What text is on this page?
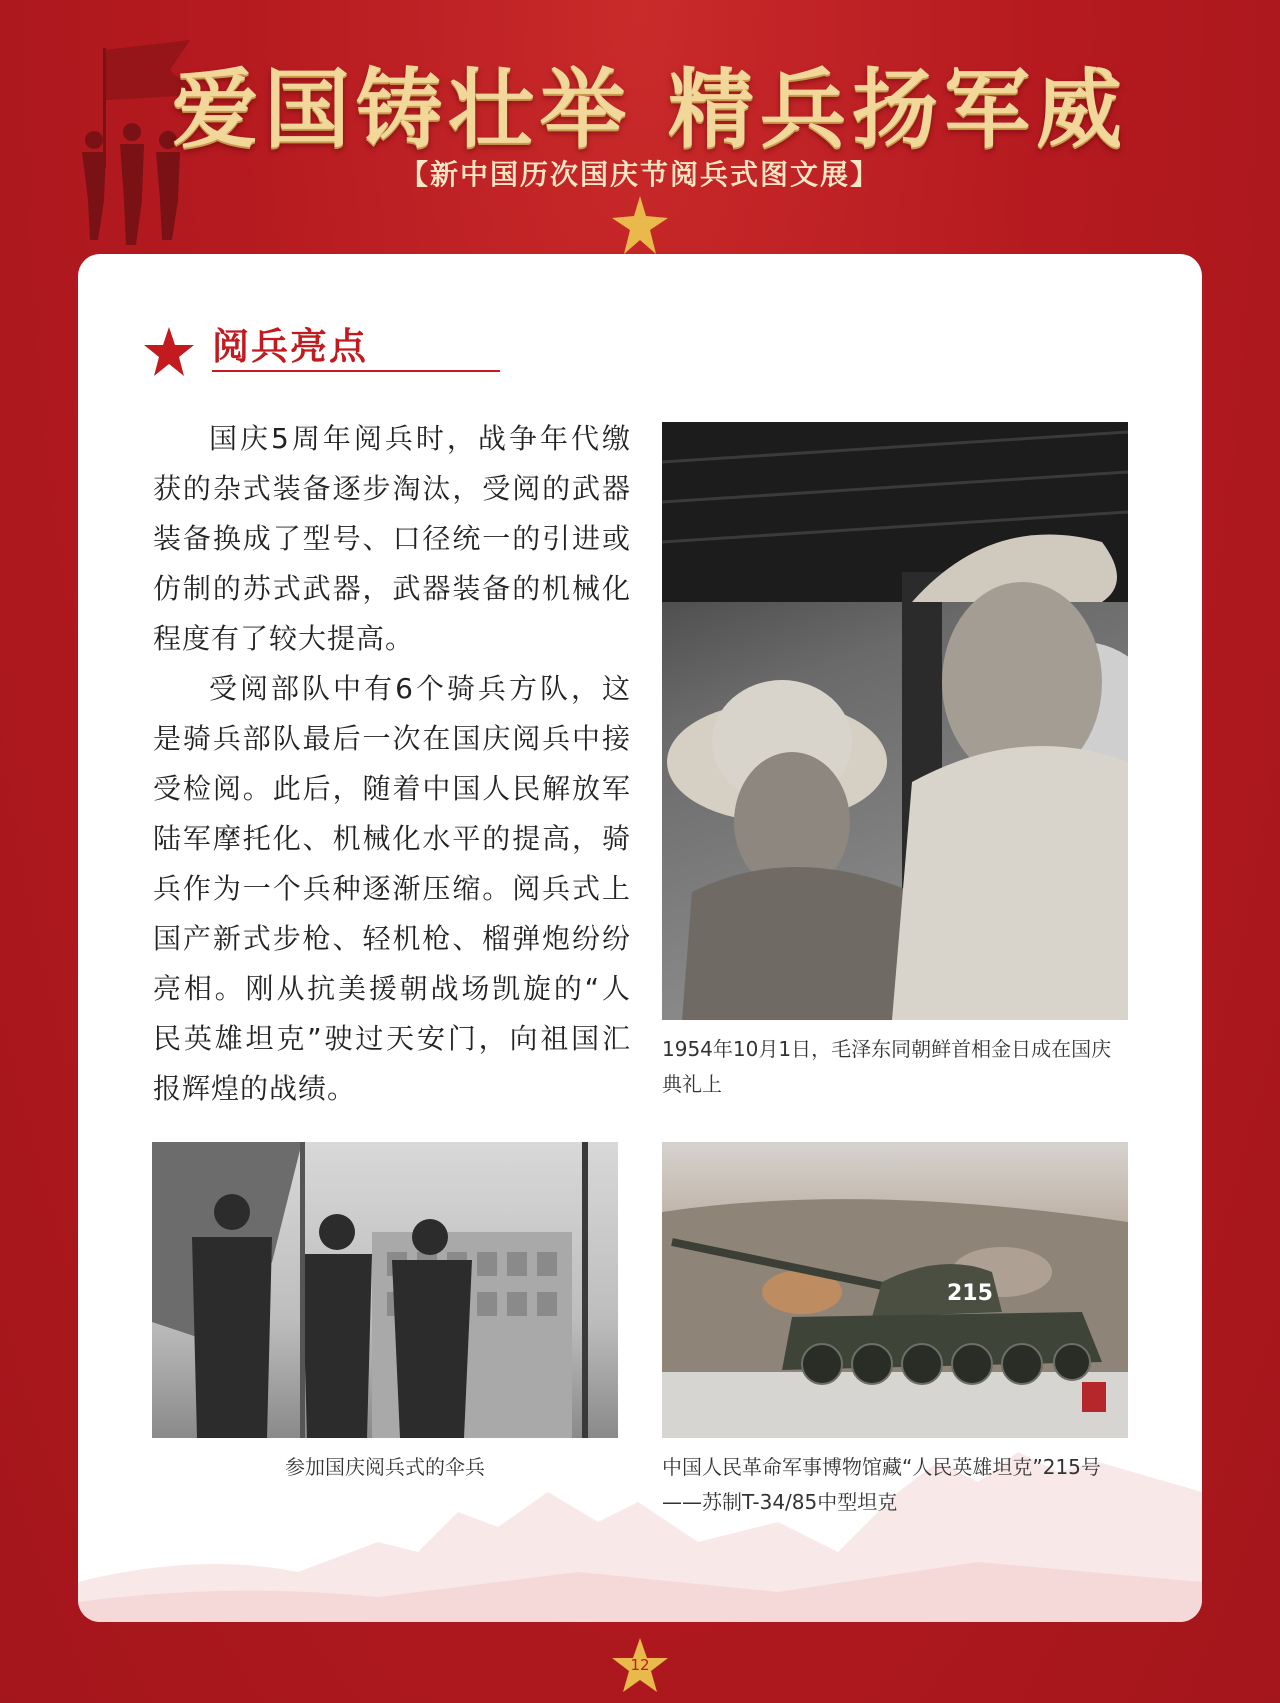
爱国铸壮举 精兵扬军威
【新中国历次国庆节阅兵式图文展】
阅兵亮点

国庆5周年阅兵时，战争年代缴获的杂式装备逐步淘汰，受阅的武器装备换成了型号、口径统一的引进或仿制的苏式武器，武器装备的机械化程度有了较大提高。

受阅部队中有6个骑兵方队，这是骑兵部队最后一次在国庆阅兵中接受检阅。此后，随着中国人民解放军陆军摩托化、机械化水平的提高，骑兵作为一个兵种逐渐压缩。阅兵式上国产新式步枪、轻机枪、榴弹炮纷纷亮相。刚从抗美援朝战场凯旋的“人民英雄坦克”驶过天安门，向祖国汇报辉煌的战绩。

1954年10月1日，毛泽东同朝鲜首相金日成在国庆典礼上
参加国庆阅兵式的伞兵
215
中国人民革命军事博物馆藏“人民英雄坦克”215号——苏制T-34/85中型坦克
12
